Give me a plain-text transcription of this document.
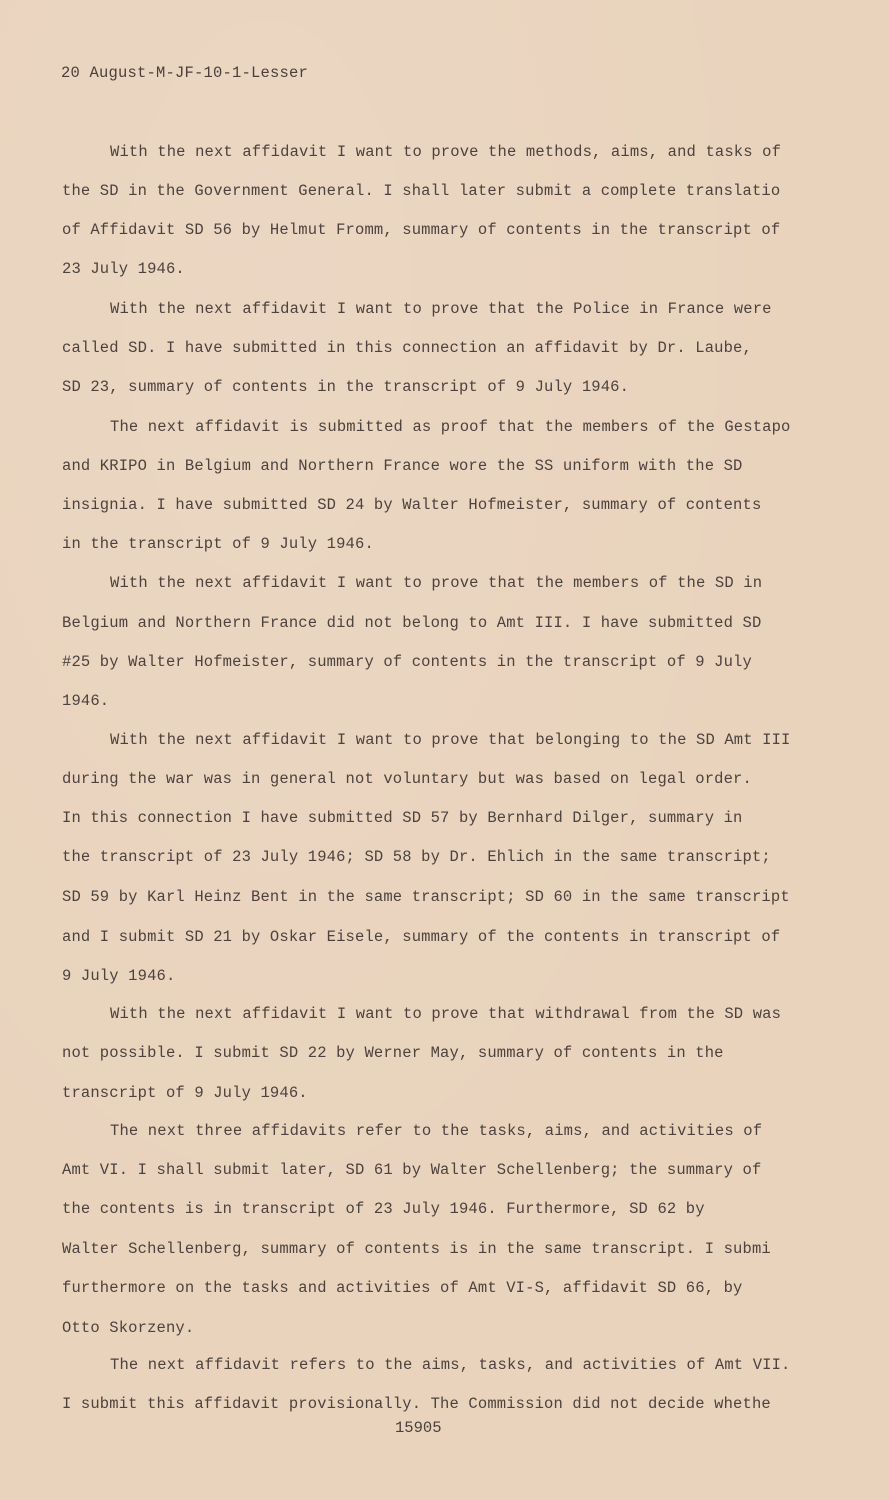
20 August-M-JF-10-1-Lesser
With the next affidavit I want to prove the methods, aims, and tasks of
the SD in the Government General. I shall later submit a complete translatio
of Affidavit SD 56 by Helmut Fromm, summary of contents in the transcript of
23 July 1946.
With the next affidavit I want to prove that the Police in France were
called SD. I have submitted in this connection an affidavit by Dr. Laube,
SD 23, summary of contents in the transcript of 9 July 1946.
The next affidavit is submitted as proof that the members of the Gestapo
and KRIPO in Belgium and Northern France wore the SS uniform with the SD
insignia. I have submitted SD 24 by Walter Hofmeister, summary of contents
in the transcript of 9 July 1946.
With the next affidavit I want to prove that the members of the SD in
Belgium and Northern France did not belong to Amt III. I have submitted SD
#25 by Walter Hofmeister, summary of contents in the transcript of 9 July
1946.
With the next affidavit I want to prove that belonging to the SD Amt III
during the war was in general not voluntary but was based on legal order.
In this connection I have submitted SD 57 by Bernhard Dilger, summary in
the transcript of 23 July 1946; SD 58 by Dr. Ehlich in the same transcript;
SD 59 by Karl Heinz Bent in the same transcript; SD 60 in the same transcript
and I submit SD 21 by Oskar Eisele, summary of the contents in transcript of
9 July 1946.
With the next affidavit I want to prove that withdrawal from the SD was
not possible. I submit SD 22 by Werner May, summary of contents in the
transcript of 9 July 1946.
The next three affidavits refer to the tasks, aims, and activities of
Amt VI. I shall submit later, SD 61 by Walter Schellenberg; the summary of
the contents is in transcript of 23 July 1946. Furthermore, SD 62 by
Walter Schellenberg, summary of contents is in the same transcript. I submi
furthermore on the tasks and activities of Amt VI-S, affidavit SD 66, by
Otto Skorzeny.
The next affidavit refers to the aims, tasks, and activities of Amt VII.
I submit this affidavit provisionally. The Commission did not decide whethe
15905
